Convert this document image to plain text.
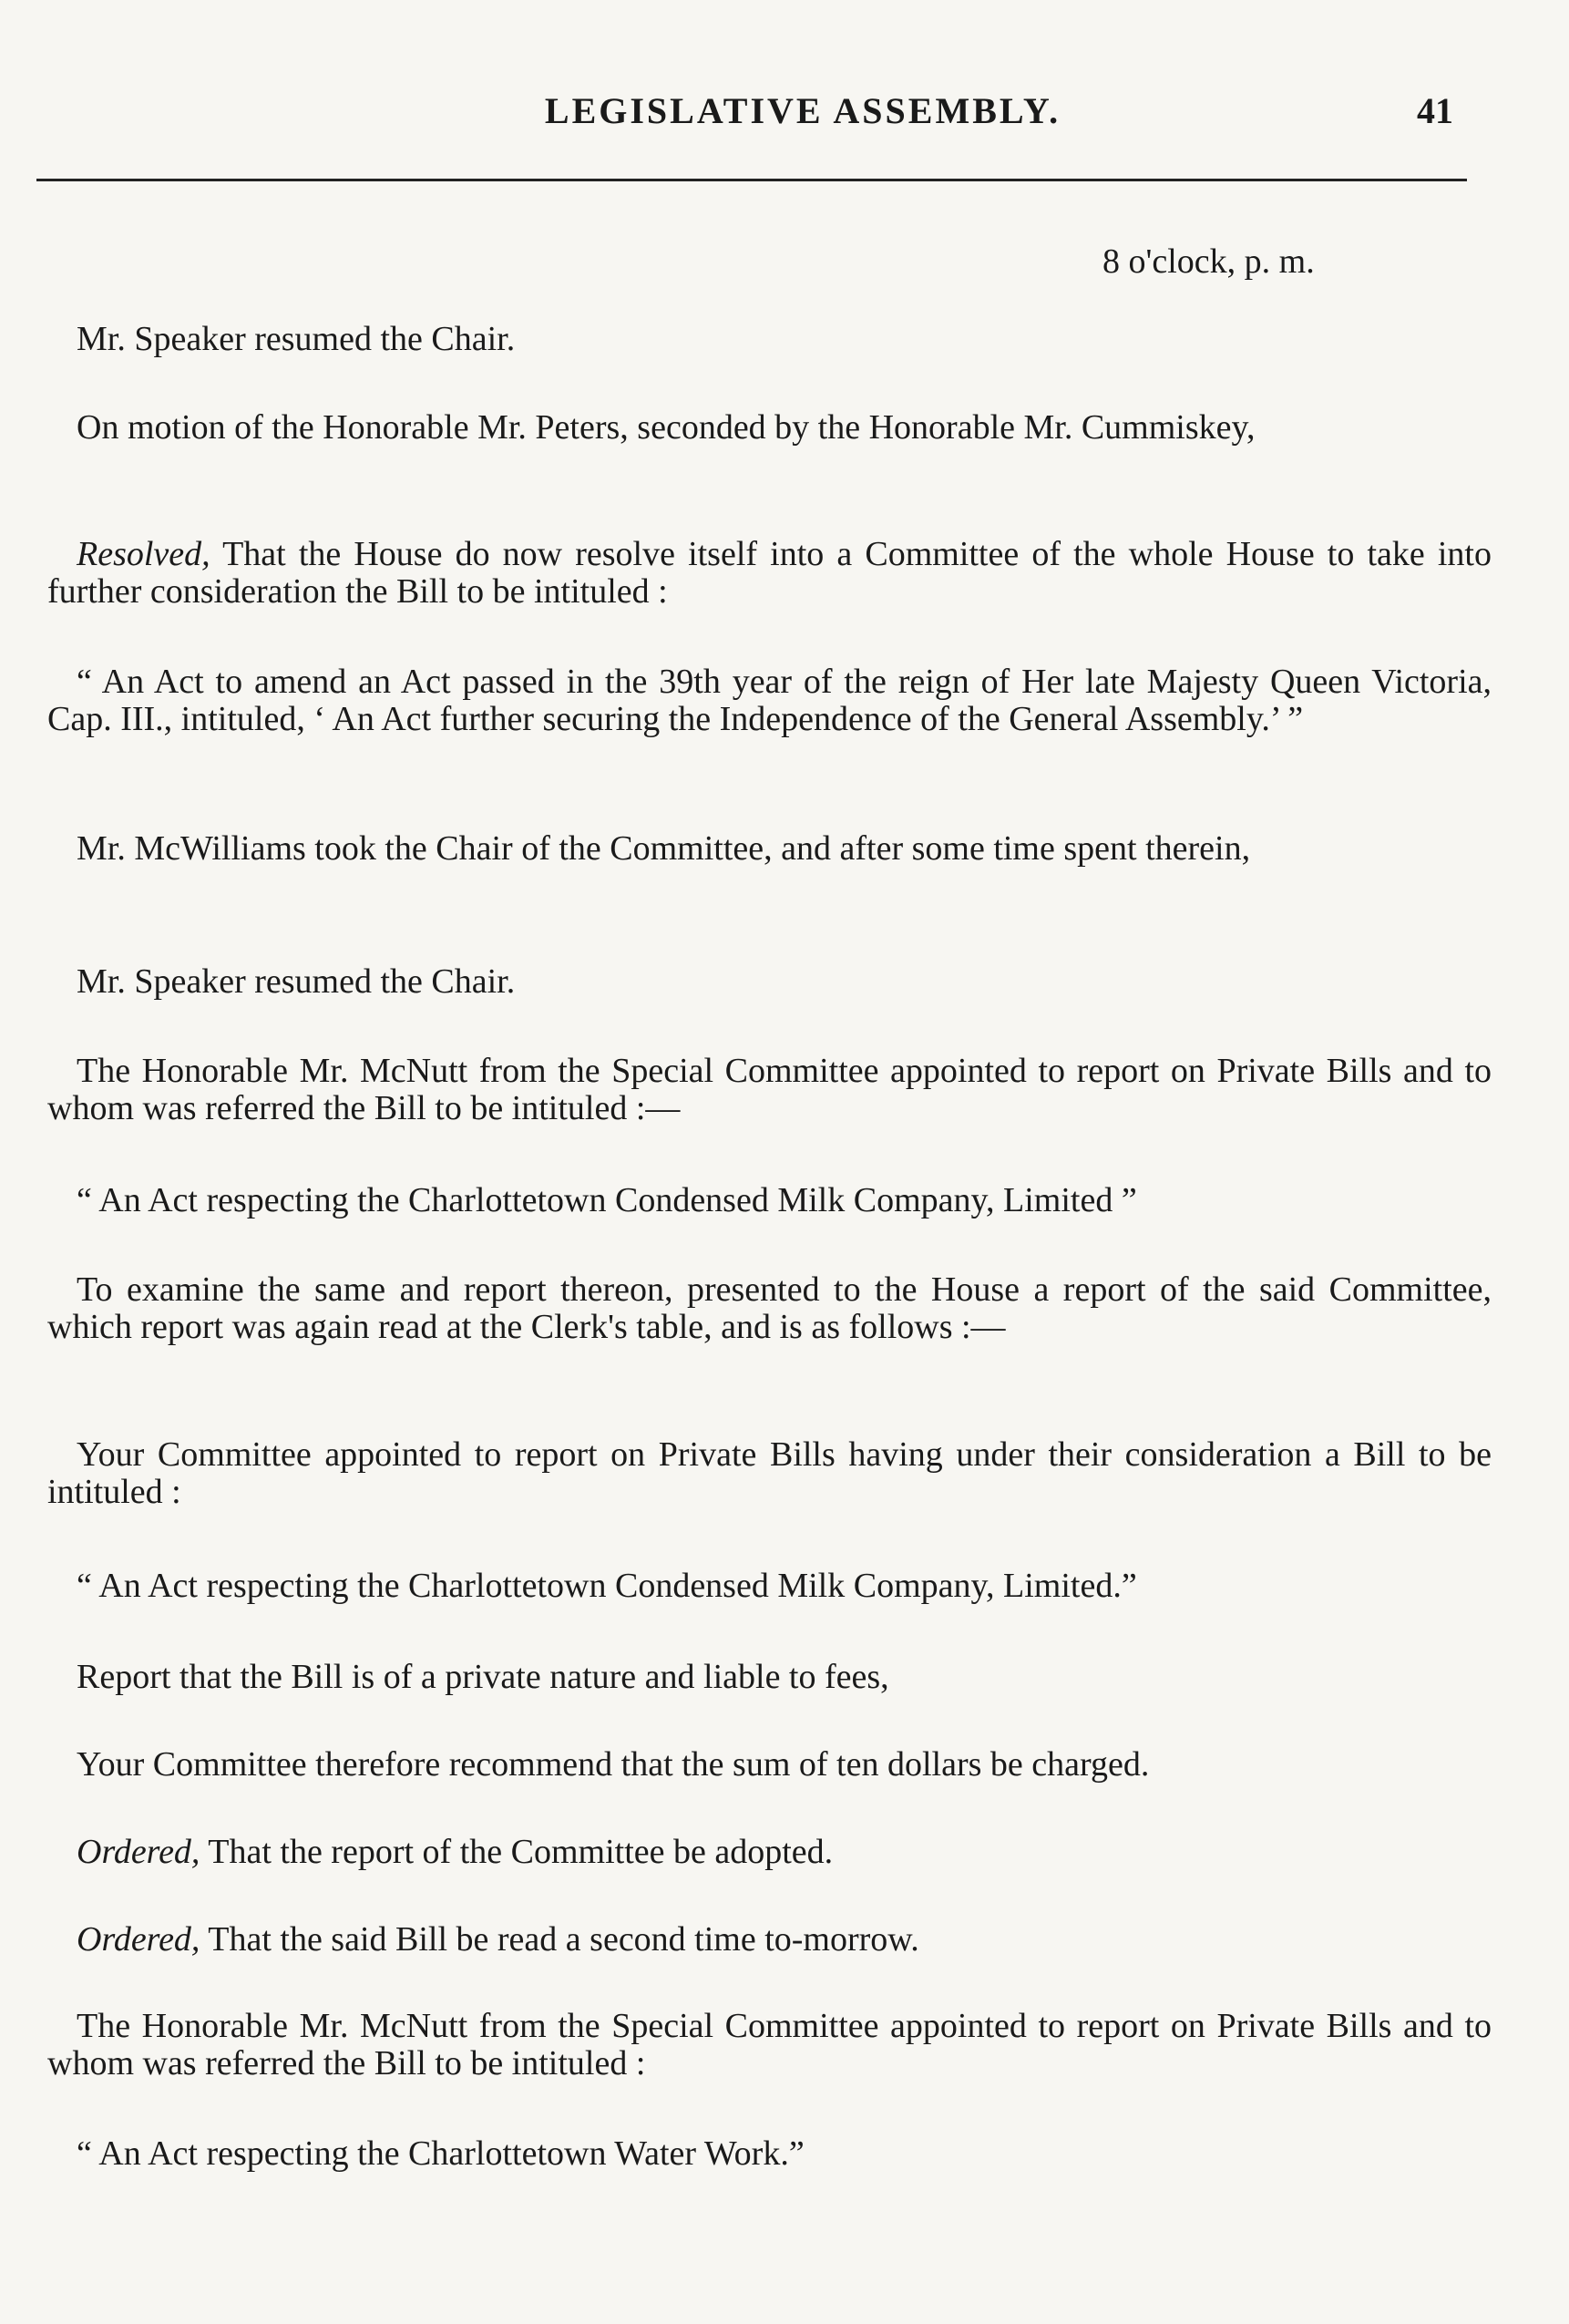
LEGISLATIVE ASSEMBLY.	41
8 o'clock, p. m.
Mr. Speaker resumed the Chair.
On motion of the Honorable Mr. Peters, seconded by the Honorable Mr. Cummiskey,
Resolved, That the House do now resolve itself into a Committee of the whole House to take into further consideration the Bill to be intituled :
“ An Act to amend an Act passed in the 39th year of the reign of Her late Majesty Queen Victoria, Cap. III., intituled, ‘ An Act further securing the Independence of the General Assembly.’ ”
Mr. McWilliams took the Chair of the Committee, and after some time spent therein,
Mr. Speaker resumed the Chair.
The Honorable Mr. McNutt from the Special Committee appointed to report on Private Bills and to whom was referred the Bill to be intituled :—
“ An Act respecting the Charlottetown Condensed Milk Company, Limited ”
To examine the same and report thereon, presented to the House a report of the said Committee, which report was again read at the Clerk's table, and is as follows :—
Your Committee appointed to report on Private Bills having under their consideration a Bill to be intituled :
“ An Act respecting the Charlottetown Condensed Milk Company, Limited.”
Report that the Bill is of a private nature and liable to fees,
Your Committee therefore recommend that the sum of ten dollars be charged.
Ordered, That the report of the Committee be adopted.
Ordered, That the said Bill be read a second time to-morrow.
The Honorable Mr. McNutt from the Special Committee appointed to report on Private Bills and to whom was referred the Bill to be intituled :
“ An Act respecting the Charlottetown Water Work.”
